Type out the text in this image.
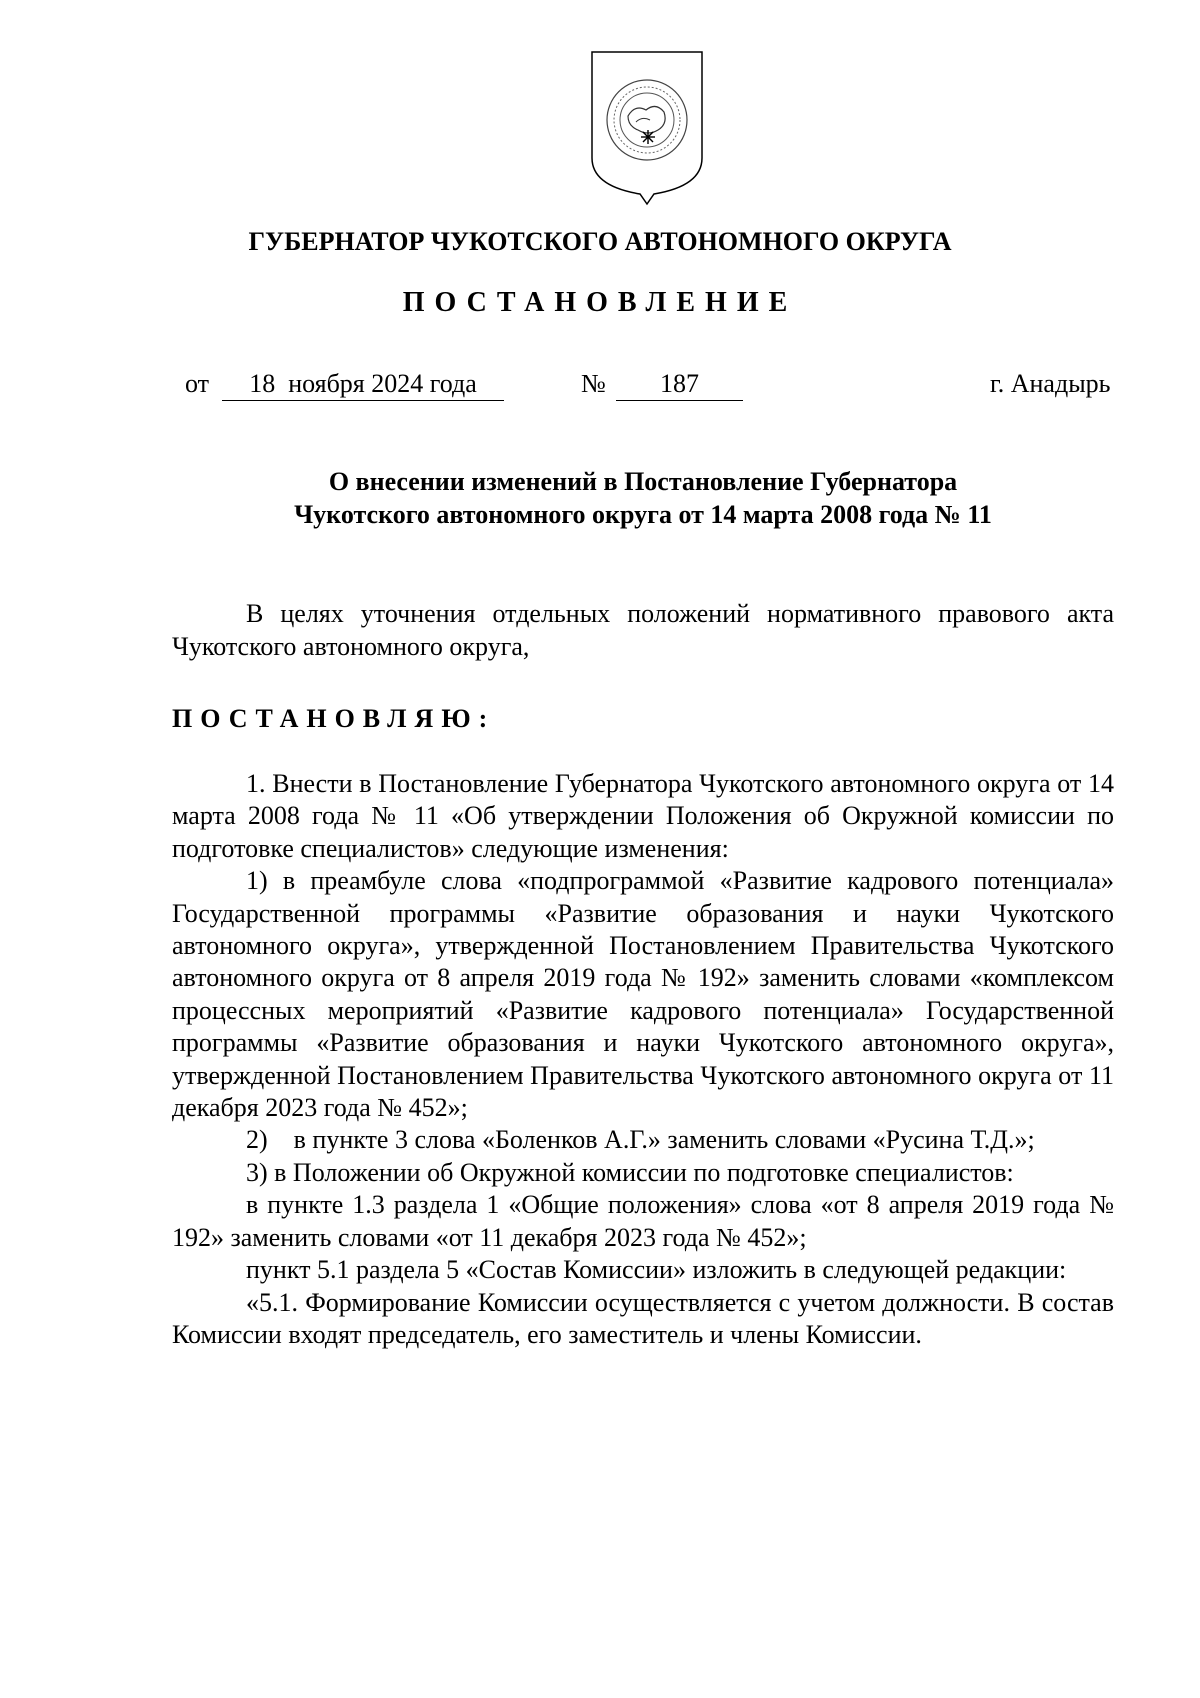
ГУБЕРНАТОР ЧУКОТСКОГО АВТОНОМНОГО ОКРУГА
ПОСТАНОВЛЕНИЕ
от	18  ноября 2024 года	№	187	г. Анадырь
О внесении изменений в Постановление Губернатора
Чукотского автономного округа от 14 марта 2008 года № 11

В целях уточнения отдельных положений нормативного правового акта Чукотского автономного округа,

ПОСТАНОВЛЯЮ:

1. Внести в Постановление Губернатора Чукотского автономного округа от 14 марта 2008 года № 11 «Об утверждении Положения об Окружной комиссии по подготовке специалистов» следующие изменения:

1) в преамбуле слова «подпрограммой «Развитие кадрового потенциала» Государственной программы «Развитие образования и науки Чукотского автономного округа», утвержденной Постановлением Правительства Чукотского автономного округа от 8 апреля 2019 года № 192» заменить словами «комплексом процессных мероприятий «Развитие кадрового потенциала» Государственной программы «Развитие образования и науки Чукотского автономного округа», утвержденной Постановлением Правительства Чукотского автономного округа от 11 декабря 2023 года № 452»;

2)    в пункте 3 слова «Боленков А.Г.» заменить словами «Русина Т.Д.»;

3) в Положении об Окружной комиссии по подготовке специалистов:

в пункте 1.3 раздела 1 «Общие положения» слова «от 8 апреля 2019 года № 192» заменить словами «от 11 декабря 2023 года № 452»;

пункт 5.1 раздела 5 «Состав Комиссии» изложить в следующей редакции:

«5.1. Формирование Комиссии осуществляется с учетом должности. В состав Комиссии входят председатель, его заместитель и члены Комиссии.
